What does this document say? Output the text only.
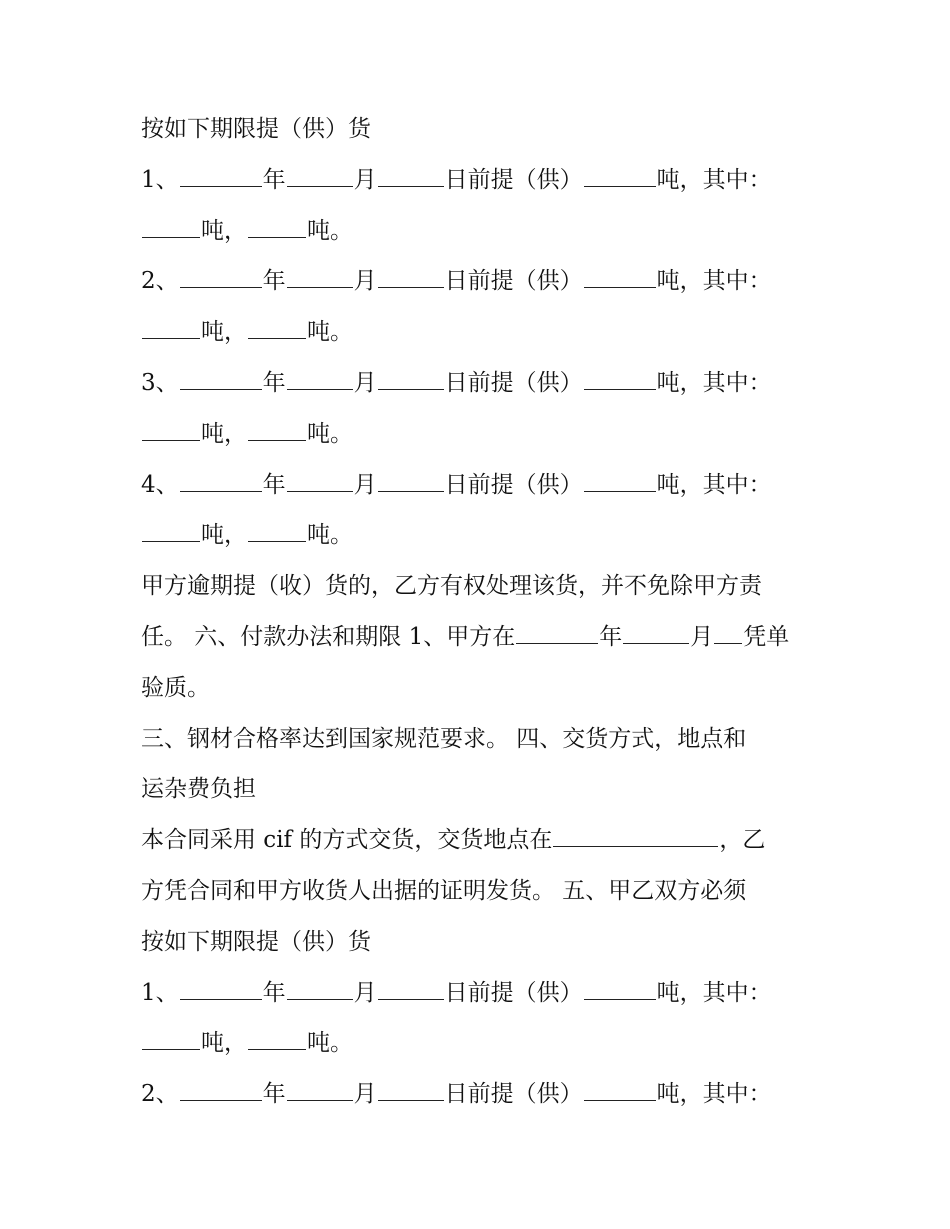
按如下期限提（供）货
1、	年	月	日前提（供）	吨，其中：
吨，	吨。
2、	年	月	日前提（供）	吨，其中：
吨，	吨。
3、	年	月	日前提（供）	吨，其中：
吨，	吨。
4、	年	月	日前提（供）	吨，其中：
吨，	吨。
甲方逾期提（收）货的，乙方有权处理该货，并不免除甲方责
任。 六、付款办法和期限 1、甲方在	年	月 凭单
验质。
三、钢材合格率达到国家规范要求。 四、交货方式，地点和
运杂费负担
本合同采用 cif 的方式交货，交货地点在	，乙
方凭合同和甲方收货人出据的证明发货。 五、甲乙双方必须
按如下期限提（供）货
1、	年	月	日前提（供）	吨，其中：
吨，	吨。
2、	年	月	日前提（供）	吨，其中：
